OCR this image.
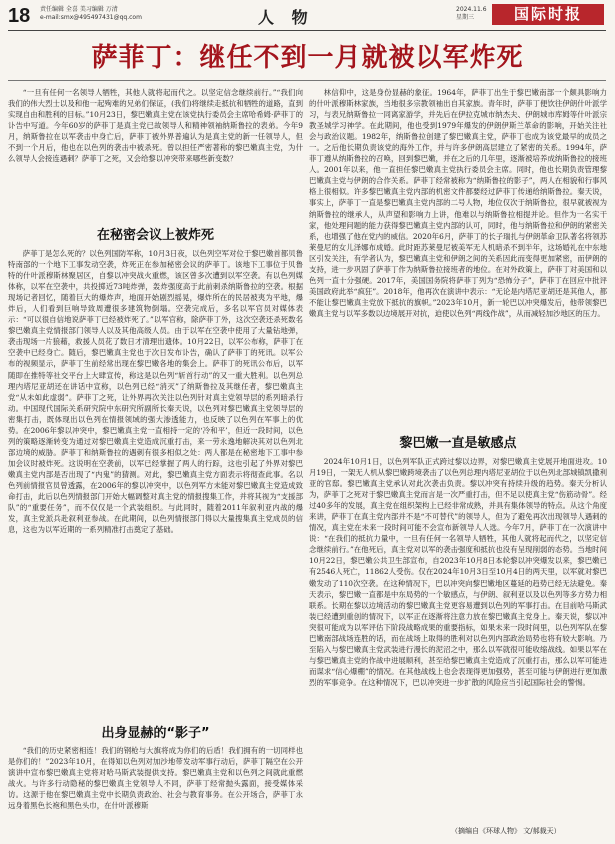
18 责任编辑 全喜 美习编辑 万清
e-mail:smx@495497431@qq.com	人 物	2024.11.6
星期三	国际时报
萨菲丁：继任不到一月就被以军炸死

“一旦有任何一名领导人牺牲，其他人就将起而代之。以坚定信念继续前行。”“我们向我们的伟大烈士以及和他一起殉难的兄弟们保证，(我们)将继续走抵抗和牺牲的道路，直到实现自由和胜利的目标。”10月23日，黎巴嫩真主党在该党执行委员会主席哈希姆·萨菲丁的讣告中写道。今年60岁的萨菲丁是真主党已故领导人和精神领袖纳斯鲁拉的表弟。今年9月，纳斯鲁拉在以军袭击中身亡后，萨菲丁被外界普遍认为是真主党的新一任领导人，但不到一个月后，他也在以色列的袭击中被杀死。曾以担任严密著称的黎巴嫩真主党，为什么领导人会接连遇刺？萨菲丁之死，又会给黎以冲突带来哪些新变数？

林信仰中，这是身份显赫的象征。1964年，萨菲丁出生于黎巴嫩南部一个颇具影响力的什叶派穆斯林家族，当地很多宗教领袖出自其家族。青年时，萨菲丁便饮往伊朗什叶派学习，与表兄纳斯鲁拉一同离家游学，并先后在伊拉克城市纳杰夫、伊朗城市库姆等什叶派宗教圣城学习神学。在此期间，他也受到1979年爆发的伊朗伊斯兰革命的影响，开始关注社会与政治议题。1982年，纳斯鲁拉创建了黎巴嫩真主党，萨菲丁也成为该党最早的成员之一。之后他长期负责该党的海外工作，并与许多伊朗高层建立了紧密的关系。1994年，萨菲丁遵从纳斯鲁拉的召唤，回到黎巴嫩，并在之后的几年里，逐渐被培养成纳斯鲁拉的接班人。2001年以来，他一直担任黎巴嫩真主党执行委员会主席。同时，他也长期负责管理黎巴嫩真主党与伊朗的合作关系。萨菲丁经常被称为“纳斯鲁拉的影子”，两人在相貌和行事风格上很相似。许多黎巴嫩真主党内部的机密文件都要经过萨菲丁传递给纳斯鲁拉。秦天说，事实上，萨菲丁一直是黎巴嫩真主党内部的二号人物，地位仅次于纳斯鲁拉，很早就被视为纳斯鲁拉的继承人，从声望和影响力上讲，他难以与纳斯鲁拉相提并论。但作为一名实干家，他处理问题的能力获得黎巴嫩真主党内部的认可，同时，他与纳斯鲁拉和伊朗的紧密关系，也增强了他在党内的威信。2020年6月，萨菲丁的长子瑞扎与伊朗革命卫队著名将领苏莱曼尼的女儿泽娜布成婚。此时距苏莱曼尼被美军无人机暗杀不到半年，这场婚礼在中东地区引发关注，有学者认为，黎巴嫩真主党和伊朗之间的关系因此而变得更加紧密，而伊朗的支持，进一步巩固了萨菲丁作为纳斯鲁拉接班者的地位。在对外政策上，萨菲丁对美国和以色列一直十分强硬。2017年，美国国务院将萨菲丁列为“恐怖分子”，萨菲丁在回应中批评美国政府此举“疯狂”。2018年，他再次在演讲中表示：“无论是内塔尼亚胡还是其他人，都不能让黎巴嫩真主党放下抵抗的旗帜。”2023年10月，新一轮巴以冲突爆发后，他带领黎巴嫩真主党与以军多数以边境展开对抗，迫使以色列“两线作战”，从而减轻加沙地区的压力。

在秘密会议上被炸死

萨菲丁是怎么死的？以色列国防军称，10月3日夜，以色列空军对位于黎巴嫩首都贝鲁特南部的一个地下工事发动空袭，炸死正在参加秘密会议的萨菲丁。该地下工事位于贝鲁特的什叶派穆斯林聚居区，自黎以冲突战火重燃，该区曾多次遭到以军空袭。有以色列媒体称，以军在空袭中，共投掷近73吨炸弹，轰炸强度高于此前刺杀纳斯鲁拉的空袭。根据现场记者回忆，随着巨大的爆炸声，地面开始剧烈摇晃，爆炸所在的民居被夷为平地，爆炸后，人们看到巨响导致周遭很多建筑物倒塌。空袭完成后，多名以军官员对媒体表示：“可以很自信地说萨菲丁已经被炸死了。”以军官称，除萨菲丁外，这次空袭还杀死数名黎巴嫩真主党情报部门领导人以及其他高级人员。由于以军在空袭中使用了大量钻地弹，袭击现场一片狼藉，救援人员花了数日才清理出遗体。10月22日，以军公布称，萨菲丁在空袭中已经身亡。随后，黎巴嫩真主党也于次日发布讣告，确认了萨菲丁的死讯。以军公布的视频显示，萨菲丁生前经常出现在黎巴嫩各地的集会上。萨菲丁的死讯公布后，以军随即在推特等社交平台上大肆宣传，称这是以色列“斩首行动”的又一重大胜利。以色列总理内塔尼亚胡还在讲话中宣称，以色列已经“消灭”了纳斯鲁拉及其继任者，黎巴嫩真主党“从未如此虚弱”。萨菲丁之死，让外界再次关注以色列针对真主党领导层的系列暗杀行动。中国现代国际关系研究院中东研究所副所长秦天说，以色列对黎巴嫩真主党领导层的密集打击，既体现出以色列在情报领域的强大渗透能力，也反映了以色列在军事上的优势。在2006年黎以冲突中，黎巴嫩真主党一直相持一定的‘冷和平’，但近一段时间，以色列的策略逐渐转变为通过对黎巴嫩真主党造成沉重打击，来一劳永逸地解决其对以色列北部边境的威胁。萨菲丁和纳斯鲁拉的遇刺有很多相似之处：两人都是在秘密地下工事中参加会议时被炸死。这说明在空袭前，以军已经掌握了两人的行踪，这也引起了外界对黎巴嫩真主党内部是否出现了“内鬼”的猜测。对此，黎巴嫩真主党方面表示将彻查此事。名以色列前情报官员曾透露，在2006年的黎以冲突中，以色列军方未能对黎巴嫩真主党造成致命打击，此后以色列情报部门开始大幅调整对真主党的情报搜集工作，并将其视为“支援部队”的“重要任务”，而不仅仅是一个武装组织。与此同时，随着2011年叙利亚内战的爆发，真主党派兵赴叙利亚参战。在此期间，以色列情报部门得以大量搜集真主党成员的信息，这也为以军近期的一系列精准打击奠定了基础。

出身显赫的“影子”

“我们的历史紧密相连！我们的钢枪与大旗将成为你们的后盾！我们拥有的一切同样也是你们的！”2023年10月，在得知以色列对加沙地带发动军事行动后，萨菲丁隔空在公开演讲中宣布黎巴嫩真主党将对哈马斯武装提供支持。黎巴嫩真主党和以色列之间就此重燃战火。与许多行动隐秘的黎巴嫩真主党领导人不同，萨菲丁经常抛头露面，接受媒体采访。这源于他在黎巴嫩真主党中长期负责政治、社会与教育事务。在公开场合，萨菲丁永远身着黑色长袍和黑色头巾，在什叶派穆斯

黎巴嫩一直是敏感点

2024年10月1日，以色列军队正式跨过黎以边界，对黎巴嫩真主党展开地面进攻。10月19日，一架无人机从黎巴嫩跨境袭击了以色列总理内塔尼亚胡位于以色列北部城镇凯撒利亚的官邸。黎巴嫩真主党承认对此次袭击负责。黎以冲突有持续升级的趋势。秦天分析认为，萨菲丁之死对于黎巴嫩真主党而言是一次严重打击，但不足以使真主党“伤筋动骨”。经过40多年的发展，真主党在组织架构上已经非常成熟，并具有集体领导的特点。从这个角度来讲，萨菲丁在真主党内部并不是“不可替代”的领导人，但为了避免再次出现领导人遇刺的情况，真主党在未来一段时间可能不会宣布新领导人人选。今年7月，萨菲丁在一次演讲中说：“在我们的抵抗力量中，一旦有任何一名领导人牺牲，其他人就将起而代之，以坚定信念继续前行。”在他死后，真主党对以军的袭击强度和抵抗也没有呈现削弱的态势。当地时间10月22日，黎巴嫩公共卫生部宣布，自2023年10月8日本轮黎以冲突爆发以来，黎巴嫩已有2546人死亡，11862人受伤。仅在2024年10月3日至10月4日的两天里，以军就对黎巴嫩发动了110次空袭。在这种情况下，巴以冲突向黎巴嫩地区蔓延的趋势已经无法避免。秦天表示，黎巴嫩一直都是中东局势的一个敏感点，与伊朗、叙利亚以及以色列等多方势力相联系。长期在黎以边境活动的黎巴嫩真主党更容易遭到以色列的军事打击。在目前哈马斯武装已经遭到重创的情况下，以军正在逐渐将注意力放在黎巴嫩真主党身上。秦天说，黎以冲突很可能成为以军评估下阶段战略成果的重要指标，如果未来一段时间里，以色列军队在黎巴嫩南部战场连胜的话，而在战场上取得的胜利对以色列内部政治局势也将有较大影响。乃至陷入与黎巴嫩真主党武装进行漫长的泥沼之中，那么以军就很可能收缩战线。如果以军在与黎巴嫩真主党的作战中进展顺利，甚至给黎巴嫩真主党造成了沉重打击，那么以军可能进而谋求“信心爆棚”的情况。在其他战线上也会表现得更加强势，甚至可能与伊朗进行更加激烈的军事竞争。在这种情况下，巴以冲突进一步扩散的风险应当引起国际社会的警惕。

（摘编自《环球人物》 文/郝裁天）
